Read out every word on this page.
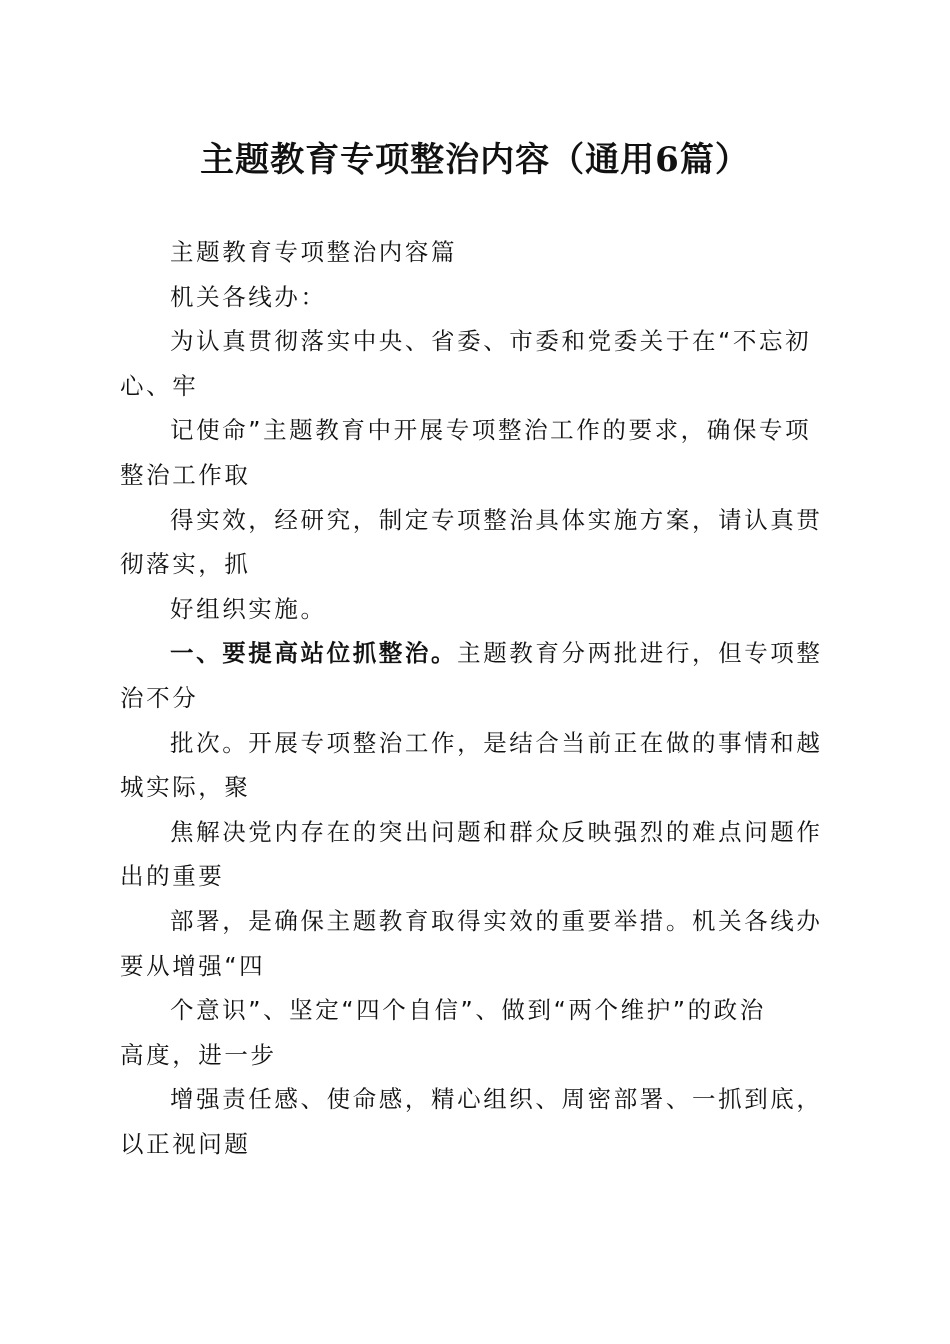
主题教育专项整治内容（通用6篇）

主题教育专项整治内容篇

机关各线办：

为认真贯彻落实中央、省委、市委和党委关于在“不忘初

心、牢

记使命”主题教育中开展专项整治工作的要求，确保专项

整治工作取

得实效，经研究，制定专项整治具体实施方案，请认真贯

彻落实，抓

好组织实施。

一、要提高站位抓整治。主题教育分两批进行，但专项整

治不分

批次。开展专项整治工作，是结合当前正在做的事情和越

城实际，聚

焦解决党内存在的突出问题和群众反映强烈的难点问题作

出的重要

部署，是确保主题教育取得实效的重要举措。机关各线办

要从增强“四

个意识”、坚定“四个自信”、做到“两个维护”的政治

高度，进一步

增强责任感、使命感，精心组织、周密部署、一抓到底，

以正视问题
